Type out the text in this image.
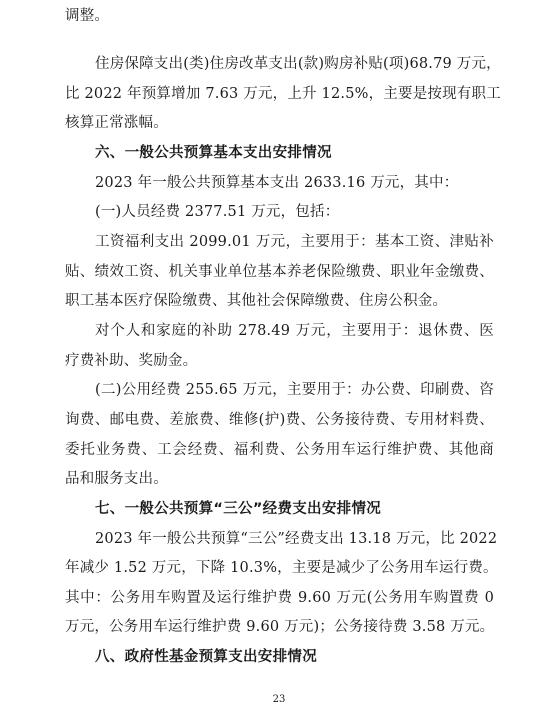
调整。
住房保障支出(类)住房改革支出(款)购房补贴(项)68.79 万元，
比 2022 年预算增加 7.63 万元，上升 12.5%，主要是按现有职工
核算正常涨幅。
六、一般公共预算基本支出安排情况
2023 年一般公共预算基本支出 2633.16 万元，其中：
(一)人员经费 2377.51 万元，包括：
工资福利支出 2099.01 万元，主要用于：基本工资、津贴补
贴、绩效工资、机关事业单位基本养老保险缴费、职业年金缴费、
职工基本医疗保险缴费、其他社会保障缴费、住房公积金。
对个人和家庭的补助 278.49 万元，主要用于：退休费、医
疗费补助、奖励金。
(二)公用经费 255.65 万元，主要用于：办公费、印刷费、咨
询费、邮电费、差旅费、维修(护)费、公务接待费、专用材料费、
委托业务费、工会经费、福利费、公务用车运行维护费、其他商
品和服务支出。
七、一般公共预算“三公”经费支出安排情况
2023 年一般公共预算“三公”经费支出 13.18 万元，比 2022
年减少 1.52 万元，下降 10.3%，主要是减少了公务用车运行费。
其中：公务用车购置及运行维护费 9.60 万元(公务用车购置费 0
万元，公务用车运行维护费 9.60 万元)；公务接待费 3.58 万元。
八、政府性基金预算支出安排情况
23
